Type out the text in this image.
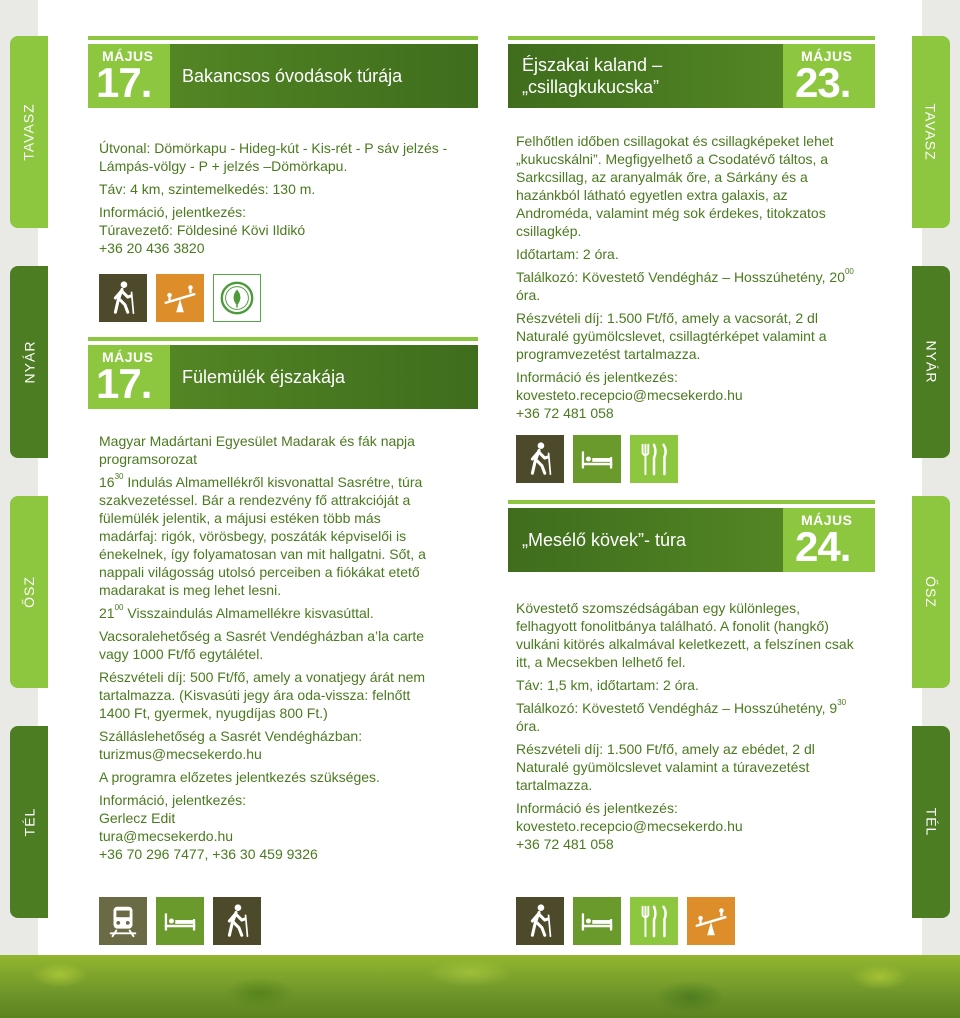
TAVASZ
NYÁR
ŐSZ
TÉL
TAVASZ
NYÁR
ŐSZ
TÉL
MÁJUS
17.	Bakancsos óvodások túrája

Útvonal: Dömörkapu - Hideg-kút - Kis-rét - P sáv jelzés - Lámpás-völgy - P + jelzés –Dömörkapu.

Táv: 4 km, szintemelkedés: 130 m.

Információ, jelentkezés:

Túravezető: Földesiné Kövi Ildikó

+36 20 436 3820

MÁJUS
17.	Fülemülék éjszakája

Magyar Madártani Egyesület Madarak és fák napja programsorozat

$16^{30}$ Indulás Almamellékről kisvonattal Sasrétre, túra szakvezetéssel. Bár a rendezvény fő attrakcióját a fülemülék jelentik, a májusi estéken több más madárfaj: rigók, vörösbegy, poszáták képviselői is énekelnek, így folyamatosan van mit hallgatni. Sőt, a nappali világosság utolsó perceiben a fiókákat etető madarakat is meg lehet lesni.

$21^{00}$ Visszaindulás Almamellékre kisvasúttal.

Vacsoralehetőség a Sasrét Vendégházban a’la carte vagy 1000 Ft/fő egytálétel.

Részvételi díj: 500 Ft/fő, amely a vonatjegy árát nem tartalmazza. (Kisvasúti jegy ára oda-vissza: felnőtt 1400 Ft, gyermek, nyugdíjas 800 Ft.)

Szálláslehetőség a Sasrét Vendégházban:

turizmus@mecsekerdo.hu

A programra előzetes jelentkezés szükséges.

Információ, jelentkezés:

Gerlecz Edit

tura@mecsekerdo.hu

+36 70 296 7477, +36 30 459 9326

Éjszakai kaland –
„csillagkukucska”
MÁJUS
23.

Felhőtlen időben csillagokat és csillagképeket lehet „kukucskálni”. Megfigyelhető a Csodatévő táltos, a Sarkcsillag, az aranyalmák őre, a Sárkány és a hazánkból látható egyetlen extra galaxis, az Androméda, valamint még sok érdekes, titokzatos csillagkép.

Időtartam: 2 óra.

Találkozó: Kövestető Vendégház – Hosszúhetény, $20^{00}$ óra.

Részvételi díj: 1.500 Ft/fő, amely a vacsorát, 2 dl Naturalé gyümölcslevet, csillagtérképet valamint a programvezetést tartalmazza.

Információ és jelentkezés:

kovesteto.recepcio@mecsekerdo.hu

+36 72 481 058

„Mesélő kövek”- túra
MÁJUS
24.

Kövestető szomszédságában egy különleges, felhagyott fonolitbánya található. A fonolit (hangkő) vulkáni kitörés alkalmával keletkezett, a felszínen csak itt, a Mecsekben lelhető fel.

Táv: 1,5 km, időtartam: 2 óra.

Találkozó: Kövestető Vendégház – Hosszúhetény, $9^{30}$ óra.

Részvételi díj: 1.500 Ft/fő, amely az ebédet, 2 dl Naturalé gyümölcslevet valamint a túravezetést tartalmazza.

Információ és jelentkezés:

kovesteto.recepcio@mecsekerdo.hu

+36 72 481 058
